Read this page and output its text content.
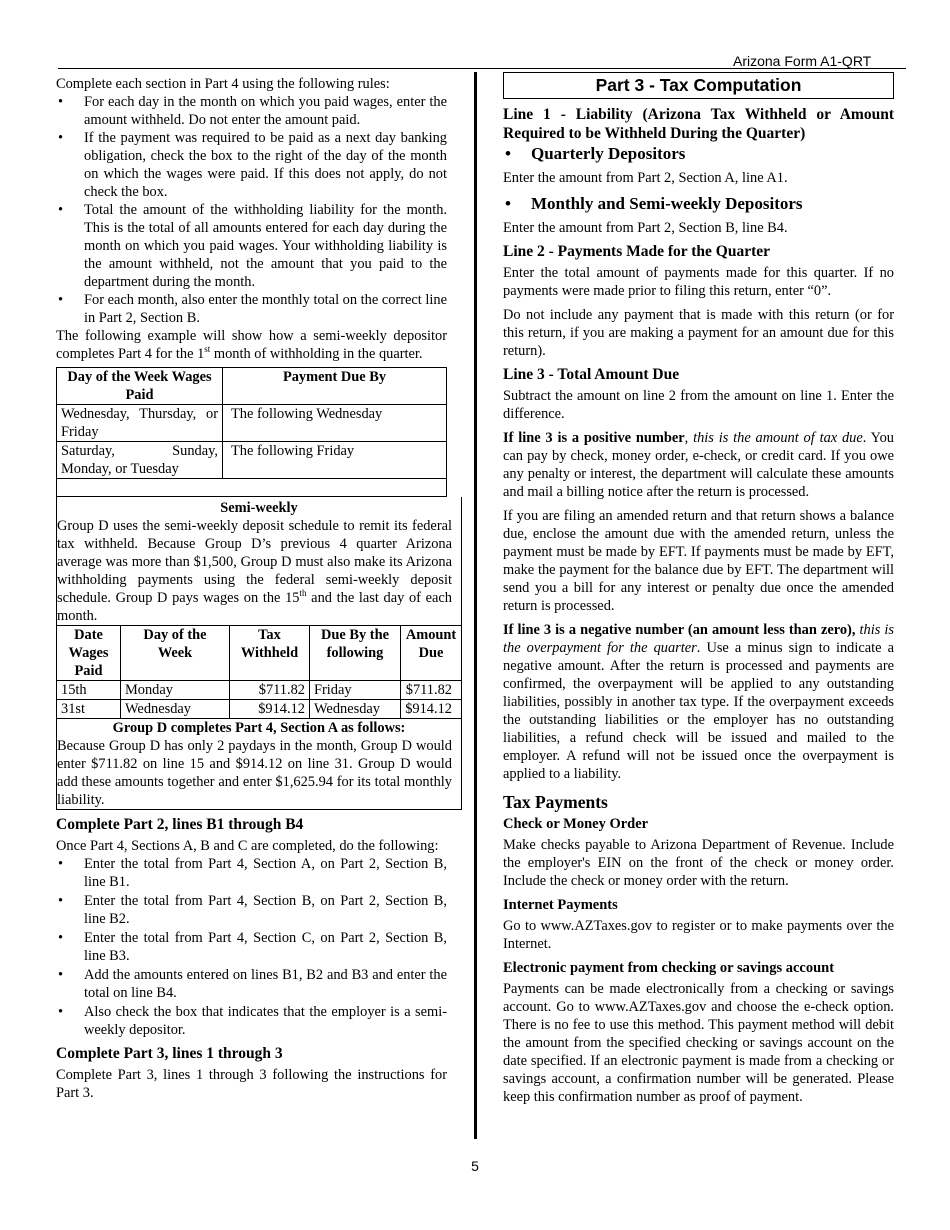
Arizona Form A1-QRT

Complete each section in Part 4 using the following rules:

• For each day in the month on which you paid wages, enter the amount withheld. Do not enter the amount paid.
• If the payment was required to be paid as a next day banking obligation, check the box to the right of the day of the month on which the wages were paid. If this does not apply, do not check the box.
• Total the amount of the withholding liability for the month. This is the total of all amounts entered for each day during the month on which you paid wages. Your withholding liability is the amount withheld, not the amount that you paid to the department during the month.
• For each month, also enter the monthly total on the correct line in Part 2, Section B.

The following example will show how a semi-weekly depositor completes Part 4 for the 1st month of withholding in the quarter.

Day of the Week Wages Paid	Payment Due By
Wednesday, Thursday, or Friday	The following Wednesday
Saturday, Sunday, Monday, or Tuesday	The following Friday

Semi-weekly

Group D uses the semi-weekly deposit schedule to remit its federal tax withheld. Because Group D’s previous 4 quarter Arizona average was more than $1,500, Group D must also make its Arizona withholding payments using the federal semi-weekly deposit schedule. Group D pays wages on the 15th and the last day of each month.

Date Wages Paid	Day of the Week	Tax Withheld	Due By the following	Amount Due
15th	Monday	$711.82	Friday	$711.82
31st	Wednesday	$914.12	Wednesday	$914.12
Group D completes Part 4, Section A as follows:

Because Group D has only 2 paydays in the month, Group D would enter $711.82 on line 15 and $914.12 on line 31. Group D would add these amounts together and enter $1,625.94 for its total monthly liability.

Complete Part 2, lines B1 through B4

Once Part 4, Sections A, B and C are completed, do the following:

• Enter the total from Part 4, Section A, on Part 2, Section B, line B1.
• Enter the total from Part 4, Section B, on Part 2, Section B, line B2.
• Enter the total from Part 4, Section C, on Part 2, Section B, line B3.
• Add the amounts entered on lines B1, B2 and B3 and enter the total on line B4.
• Also check the box that indicates that the employer is a semi-weekly depositor.
Complete Part 3, lines 1 through 3

Complete Part 3, lines 1 through 3 following the instructions for Part 3.

Part 3 - Tax Computation
Line 1 - Liability (Arizona Tax Withheld or Amount Required to be Withheld During the Quarter)
• Quarterly Depositors

Enter the amount from Part 2, Section A, line A1.

• Monthly and Semi-weekly Depositors

Enter the amount from Part 2, Section B, line B4.

Line 2 - Payments Made for the Quarter

Enter the total amount of payments made for this quarter. If no payments were made prior to filing this return, enter “0”.

Do not include any payment that is made with this return (or for this return, if you are making a payment for an amount due for this return).

Line 3 - Total Amount Due

Subtract the amount on line 2 from the amount on line 1. Enter the difference.

If line 3 is a positive number, this is the amount of tax due. You can pay by check, money order, e-check, or credit card. If you owe any penalty or interest, the department will calculate these amounts and mail a billing notice after the return is processed.

If you are filing an amended return and that return shows a balance due, enclose the amount due with the amended return, unless the payment must be made by EFT. If payments must be made by EFT, make the payment for the balance due by EFT. The department will send you a bill for any interest or penalty due once the amended return is processed.

If line 3 is a negative number (an amount less than zero), this is the overpayment for the quarter. Use a minus sign to indicate a negative amount. After the return is processed and payments are confirmed, the overpayment will be applied to any outstanding liabilities, possibly in another tax type. If the overpayment exceeds the outstanding liabilities or the employer has no outstanding liabilities, a refund check will be issued and mailed to the employer. A refund will not be issued once the overpayment is applied to a liability.

Tax Payments
Check or Money Order

Make checks payable to Arizona Department of Revenue. Include the employer's EIN on the front of the check or money order. Include the check or money order with the return.

Internet Payments

Go to www.AZTaxes.gov to register or to make payments over the Internet.

Electronic payment from checking or savings account

Payments can be made electronically from a checking or savings account. Go to www.AZTaxes.gov and choose the e-check option. There is no fee to use this method. This payment method will debit the amount from the specified checking or savings account on the date specified. If an electronic payment is made from a checking or savings account, a confirmation number will be generated. Please keep this confirmation number as proof of payment.

5
